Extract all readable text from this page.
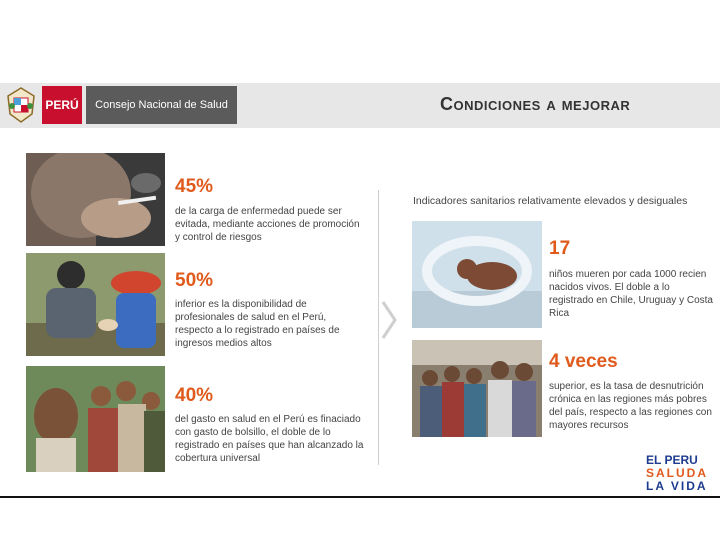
PERÚ	Consejo Nacional de Salud	Condiciones a mejorar
45%
de la carga de enfermedad puede ser evitada, mediante acciones de promoción y control de riesgos
50%
inferior es la disponibilidad de profesionales de salud en el Perú, respecto a lo registrado en países de ingresos medios altos
40%
del gasto en salud en el Perú es finaciado con gasto de bolsillo, el doble de lo registrado en países que han alcanzado la cobertura universal
Indicadores sanitarios relativamente elevados y desiguales
17
niños mueren por cada 1000 recien nacidos vivos. El doble a lo registrado en Chile, Uruguay y Costa Rica
4 veces
superior, es la tasa de desnutrición crónica en las regiones más pobres del país, respecto a las regiones con mayores recursos
EL PERU
SALUDA
LA VIDA
